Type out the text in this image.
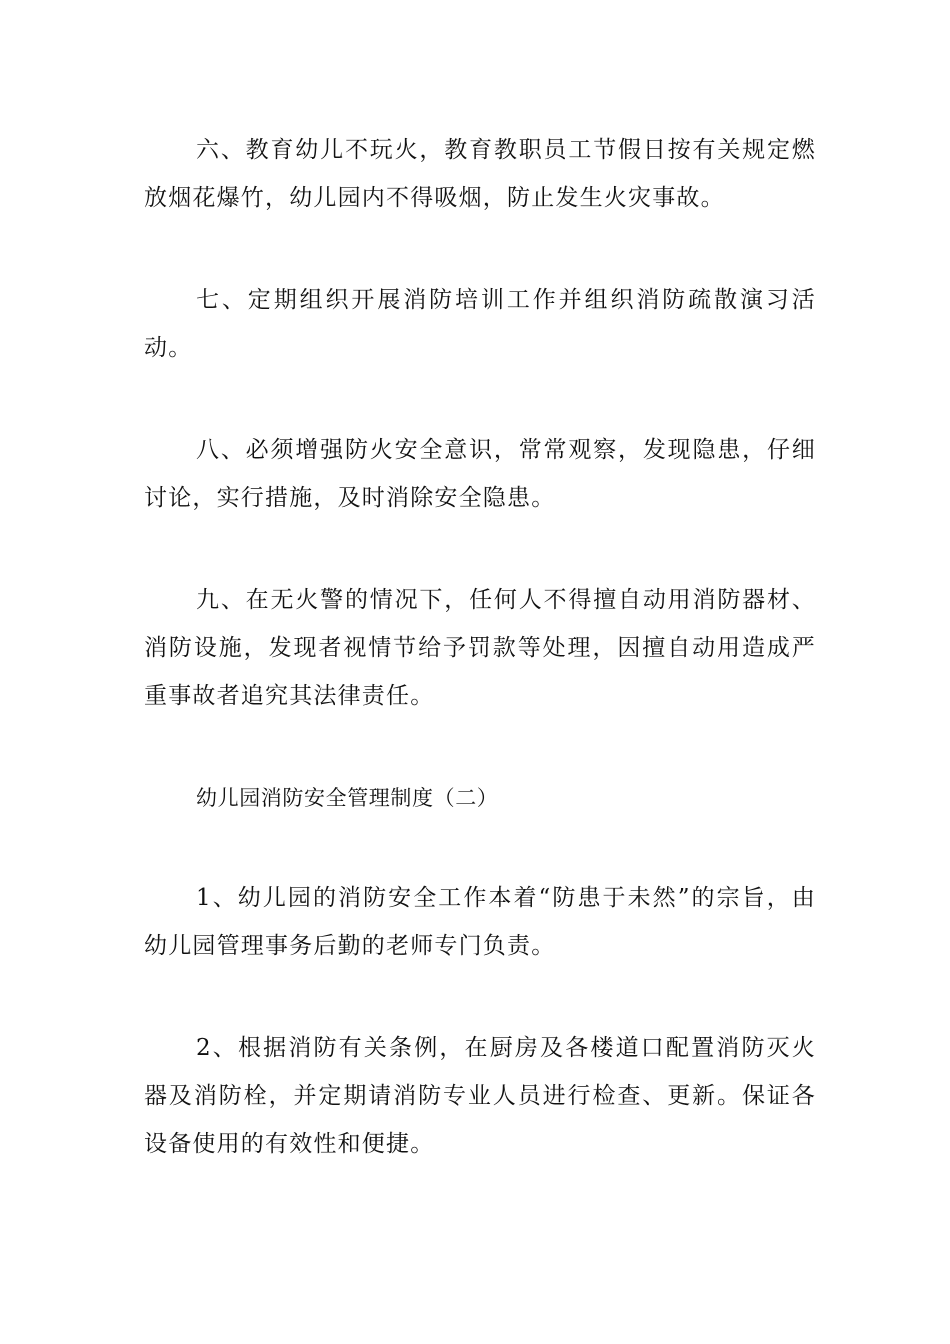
六、教育幼儿不玩火，教育教职员工节假日按有关规定燃放烟花爆竹，幼儿园内不得吸烟，防止发生火灾事故。

七、定期组织开展消防培训工作并组织消防疏散演习活动。

八、必须增强防火安全意识，常常观察，发现隐患，仔细讨论，实行措施，及时消除安全隐患。

九、在无火警的情况下，任何人不得擅自动用消防器材、消防设施，发现者视情节给予罚款等处理，因擅自动用造成严重事故者追究其法律责任。

幼儿园消防安全管理制度（二）

1、幼儿园的消防安全工作本着“防患于未然”的宗旨，由幼儿园管理事务后勤的老师专门负责。

2、根据消防有关条例，在厨房及各楼道口配置消防灭火器及消防栓，并定期请消防专业人员进行检查、更新。保证各设备使用的有效性和便捷。
